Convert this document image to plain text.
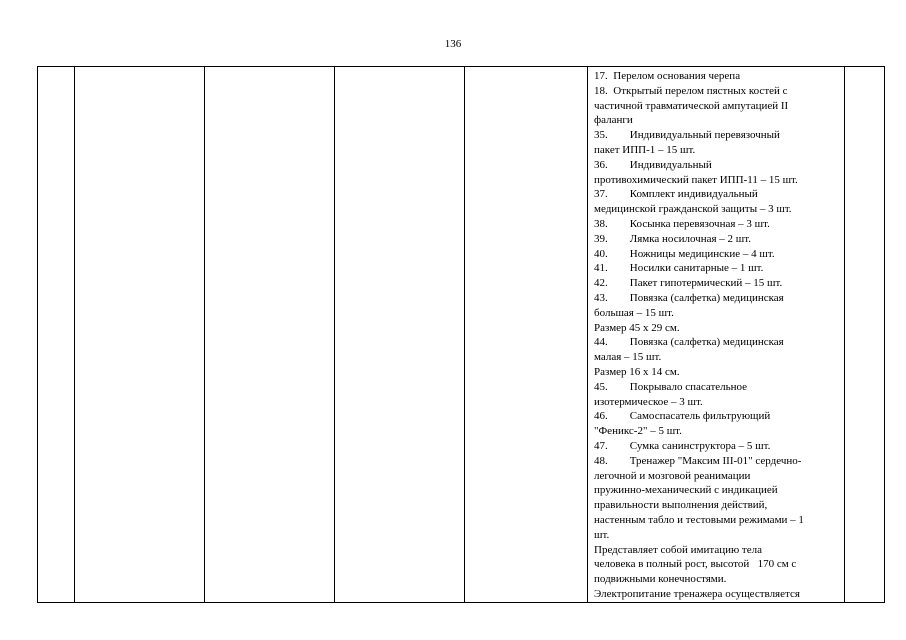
136

17.  Перелом основания черепа
18.  Открытый перелом пястных костей с
частичной травматической ампутацией II
фаланги
35.        Индивидуальный перевязочный
пакет ИПП-1 – 15 шт.
36.        Индивидуальный
противохимический пакет ИПП-11 – 15 шт.
37.        Комплект индивидуальный
медицинской гражданской защиты – 3 шт.
38.        Косынка перевязочная – 3 шт.
39.        Лямка носилочная – 2 шт.
40.        Ножницы медицинские – 4 шт.
41.        Носилки санитарные – 1 шт.
42.        Пакет гипотермический – 15 шт.
43.        Повязка (салфетка) медицинская
большая – 15 шт.
Размер 45 х 29 см.
44.        Повязка (салфетка) медицинская
малая – 15 шт.
Размер 16 х 14 см.
45.        Покрывало спасательное
изотермическое – 3 шт.
46.        Самоспасатель фильтрующий
"Феникс-2" – 5 шт.
47.        Сумка санинструктора – 5 шт.
48.        Тренажер "Максим III-01" сердечно-
легочной и мозговой реанимации
пружинно-механический с индикацией
правильности выполнения действий,
настенным табло и тестовыми режимами – 1
шт.
Представляет собой имитацию тела
человека в полный рост, высотой   170 см с
подвижными конечностями.
Электропитание тренажера осуществляется
